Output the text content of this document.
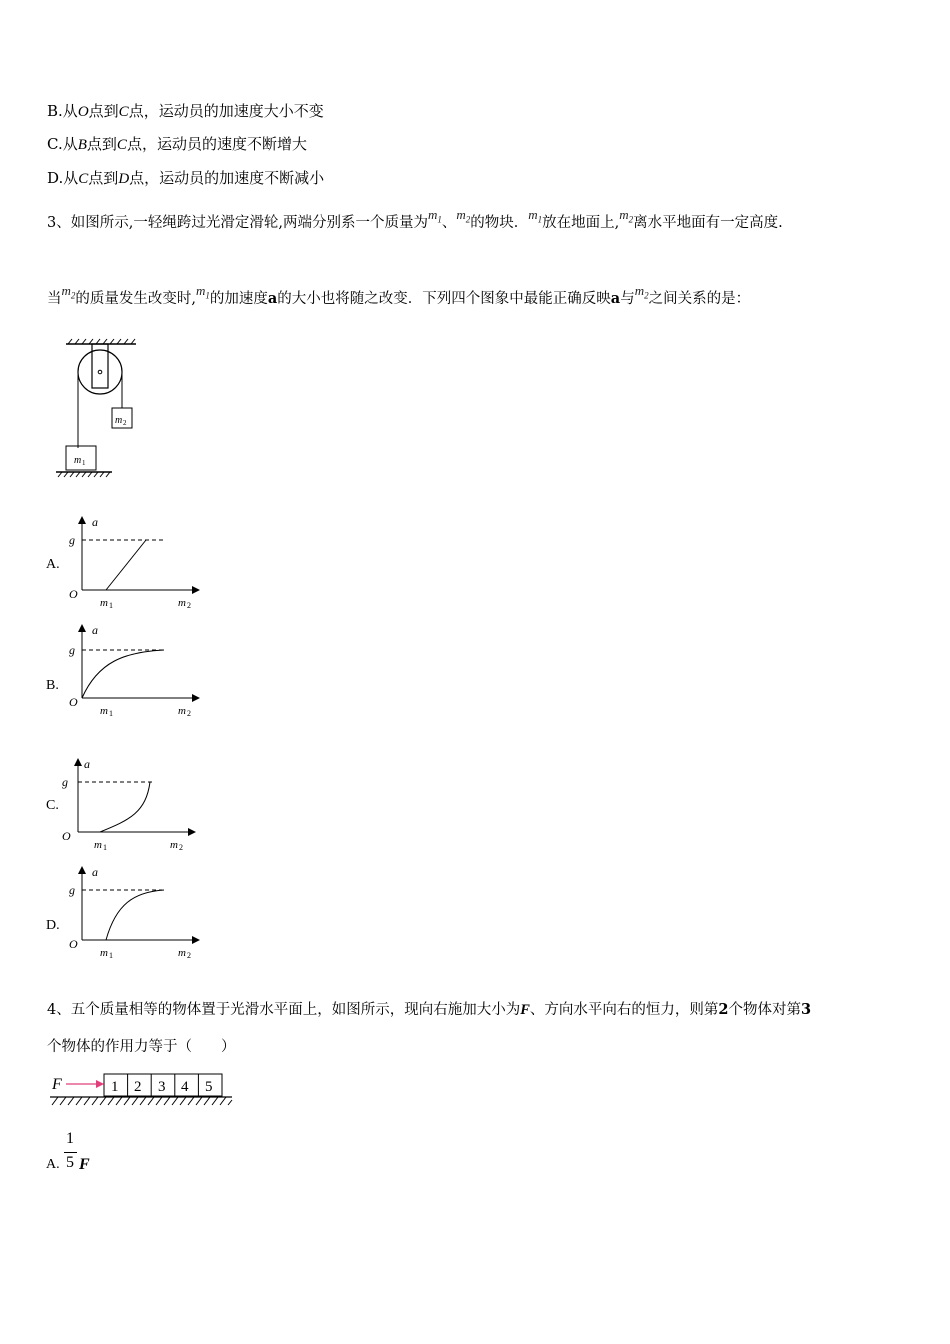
B.从O点到C点，运动员的加速度大小不变
C.从B点到C点，运动员的速度不断增大
D.从C点到D点，运动员的加速度不断减小
3、如图所示,一轻绳跨过光滑定滑轮,两端分别系一个质量为$m_1$、$m_2$的物块．$m_1$放在地面上$,m_2$离水平地面有一定高度.
当$m_2$的质量发生改变时$,m_1$的加速度a的大小也将随之改变．下列四个图象中最能正确反映a与$m_2$之间关系的是：
m 2
m 1
A.
a
g
O
m 1	m 2
B.
a
g
O
m 1	m 2
C.
a
g
O
m 1	m 2
D.
a
g
O
m 1	m 2
4、五个质量相等的物体置于光滑水平面上，如图所示，现向右施加大小为F、方向水平向右的恒力，则第2个物体对第3
个物体的作用力等于（　　）
F	1 2 3 4 5
A.
1
5 F
